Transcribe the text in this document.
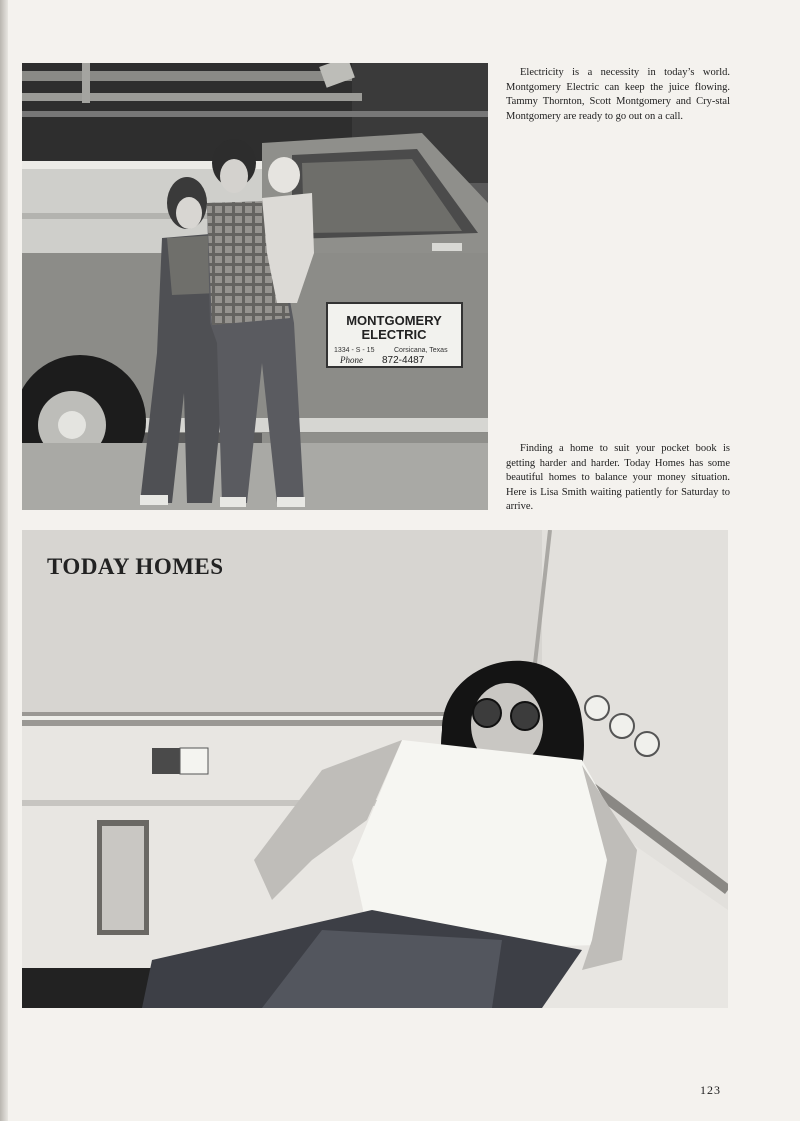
MONTGOMERY
ELECTRIC
1334 - S - 15	Corsicana, Texas
Phone 872-4487

Electricity is a necessity in today’s world. Montgomery Electric can keep the juice flowing. Tammy Thornton, Scott Montgomery and Cry-stal Montgomery are ready to go out on a call.

Finding a home to suit your pocket book is getting harder and harder. Today Homes has some beautiful homes to balance your money situation. Here is Lisa Smith waiting patiently for Saturday to arrive.

TODAY HOMES
123
